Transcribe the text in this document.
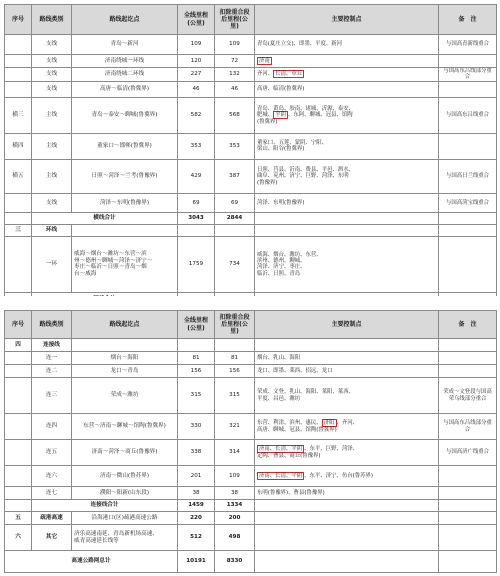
序号	路线类别	路线起讫点	全线里程(公里)	扣除重合段后里程(公里)	主要控制点	备　注
	支线	青岛～新河	109	109	青岛(夏庄立交)、即墨、平度、新河	与国高青新线重合
	支线	济南绕城一环线	120	72	济南	
	支线	济南绕城二环线	227	132	齐河、 长清、章丘	与国高东吕线部分重合
	支线	高唐～临清(鲁冀界)	46	46	高唐、临清(鲁冀界)	
横三	主线	青岛～泰安～聊城(鲁冀界)	582	568	青岛、黄岛、胶南、诸城、沂源、泰安、
肥城、 平阴 、东阿、聊城、冠县、馆陶
(鲁冀界)	与国高东吕线重合
横四	主线	董家口～邯郸(鲁冀界)	353	353	董家口、五莲、蒙阴、宁阳、
梁山、阳谷(鲁冀界)	
横五	主线	日照～菏泽～兰考(鲁豫界)	429	387	日照、莒县、沂南、费县、平邑、泗水、
曲阜、兖州、济宁、巨野、菏泽、东明
(鲁豫界)	与国高日兰线重合
	支线	菏泽～东明(鲁豫界)	69	69	菏泽、东明(鲁豫界)	与国高菏宝线重合
	横线合计		3043	2844		
三	环线					
	一环	威海～烟台～潍坊～东营～滨
州～德州～聊城～菏泽～济宁～
枣庄～临沂～日照～青岛～烟
台～威海	1759	734	威海、烟台、潍坊、东营、
滨州、德州、聊城、
菏泽、济宁、枣庄、
临沂、日照、青岛	

序号	路线类别	路线起讫点	全线里程(公里)	扣除重合段后里程(公里)	主要控制点	备　注
四	连接线					
	连一	烟台～海阳	81	81	烟台、乳山、海阳	
	连二	龙口～青岛	156	156	龙口、即墨、莱西、招远、龙口	
	连三	荣成～潍坊	315	315	荣成、文登、乳山、海阳、莱阳、莱西、
平度、昌邑、潍坊	荣成～文登段与国高荣乌线部分重合
	连四	东营～济南～聊城～馆陶(鲁冀界)	330	321	东营、利津、滨州、惠民、 济阳 、齐河、
高唐、聊城、冠县、馆陶(鲁冀界)	与国高东吕线部分重合
	连五	济南～菏泽～商丘(鲁豫界)	338	314	济南、长清、平阴 、东平、巨野、菏泽、
定陶、曹县、商丘(鲁豫界)	与国高济广线重合
	连六	济南～微山(鲁苏界)	201	109	济南、长清、平阴 、东平、济宁、鱼台(鲁苏界)	
	连七	濮阳～阳新(山东段)	38	38	东明(鲁豫界)、曹县(鲁豫界)	
	连接线合计		1459	1334		
五	疏港高速	沿海港口(区)疏港高速公路	220	200		
六	其它	济乐高速南延、青岛新机场高速、
威青高速延长线等	512	498		
高速公路网总计			10191	8330		
